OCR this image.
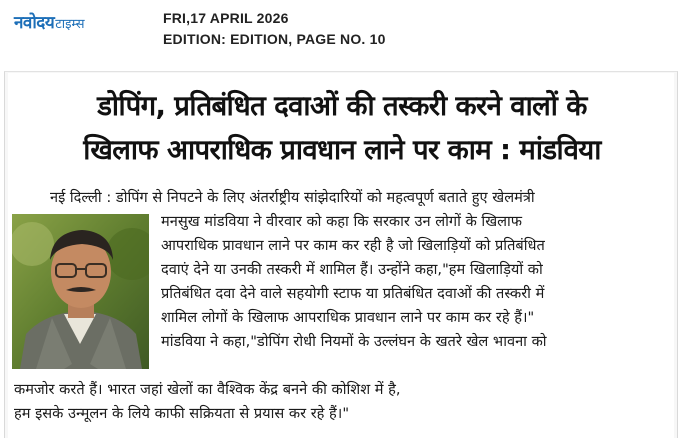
नवोदय टाइम्स	FRI,17 APRIL 2026
EDITION: EDITION, PAGE NO. 10
डोपिंग, प्रतिबंधित दवाओं की तस्करी करने वालों के खिलाफ आपराधिक प्रावधान लाने पर काम : मांडविया
नई दिल्ली : डोपिंग से निपटने के लिए अंतर्राष्ट्रीय सांझेदारियों को महत्वपूर्ण बताते हुए खेलमंत्री
मनसुख मांडविया ने वीरवार को कहा कि सरकार उन लोगों के खिलाफ
आपराधिक प्रावधान लाने पर काम कर रही है जो खिलाड़ियों को प्रतिबंधित
दवाएं देने या उनकी तस्करी में शामिल हैं। उन्होंने कहा,"हम खिलाड़ियों को
प्रतिबंधित दवा देने वाले सहयोगी स्टाफ या प्रतिबंधित दवाओं की तस्करी में
शामिल लोगों के खिलाफ आपराधिक प्रावधान लाने पर काम कर रहे हैं।"
मांडविया ने कहा,"डोपिंग रोधी नियमों के उल्लंघन के खतरे खेल भावना को
कमजोर करते हैं। भारत जहां खेलों का वैश्विक केंद्र बनने की कोशिश में है,
हम इसके उन्मूलन के लिये काफी सक्रियता से प्रयास कर रहे हैं।"
